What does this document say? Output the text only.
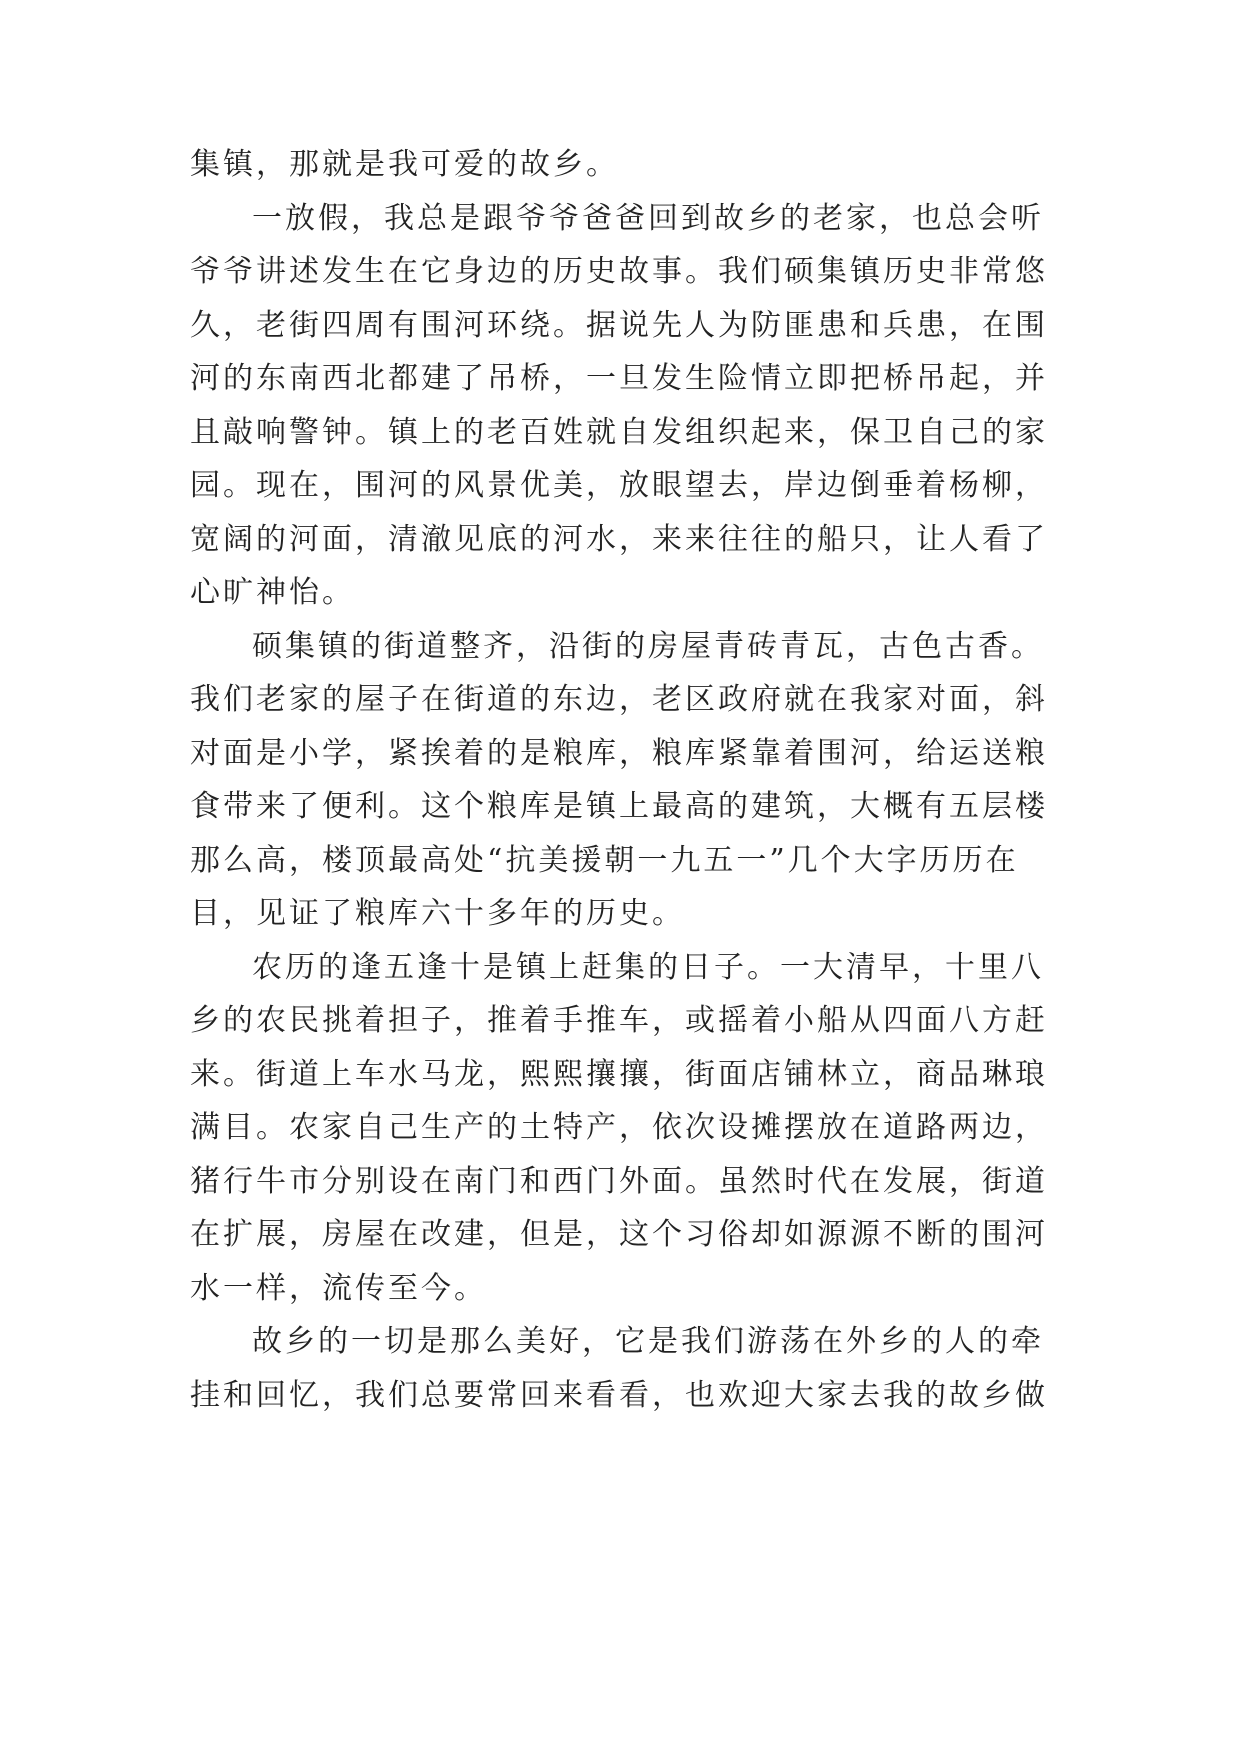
集镇，那就是我可爱的故乡。
一放假，我总是跟爷爷爸爸回到故乡的老家，也总会听
爷爷讲述发生在它身边的历史故事。我们硕集镇历史非常悠
久，老街四周有围河环绕。据说先人为防匪患和兵患，在围
河的东南西北都建了吊桥，一旦发生险情立即把桥吊起，并
且敲响警钟。镇上的老百姓就自发组织起来，保卫自己的家
园。现在，围河的风景优美，放眼望去，岸边倒垂着杨柳，
宽阔的河面，清澈见底的河水，来来往往的船只，让人看了
心旷神怡。
硕集镇的街道整齐，沿街的房屋青砖青瓦，古色古香。
我们老家的屋子在街道的东边，老区政府就在我家对面，斜
对面是小学，紧挨着的是粮库，粮库紧靠着围河，给运送粮
食带来了便利。这个粮库是镇上最高的建筑，大概有五层楼
那么高，楼顶最高处“抗美援朝一九五一”几个大字历历在
目，见证了粮库六十多年的历史。
农历的逢五逢十是镇上赶集的日子。一大清早，十里八
乡的农民挑着担子，推着手推车，或摇着小船从四面八方赶
来。街道上车水马龙，熙熙攘攘，街面店铺林立，商品琳琅
满目。农家自己生产的土特产，依次设摊摆放在道路两边，
猪行牛市分别设在南门和西门外面。虽然时代在发展，街道
在扩展，房屋在改建，但是，这个习俗却如源源不断的围河
水一样，流传至今。
故乡的一切是那么美好，它是我们游荡在外乡的人的牵
挂和回忆，我们总要常回来看看，也欢迎大家去我的故乡做
